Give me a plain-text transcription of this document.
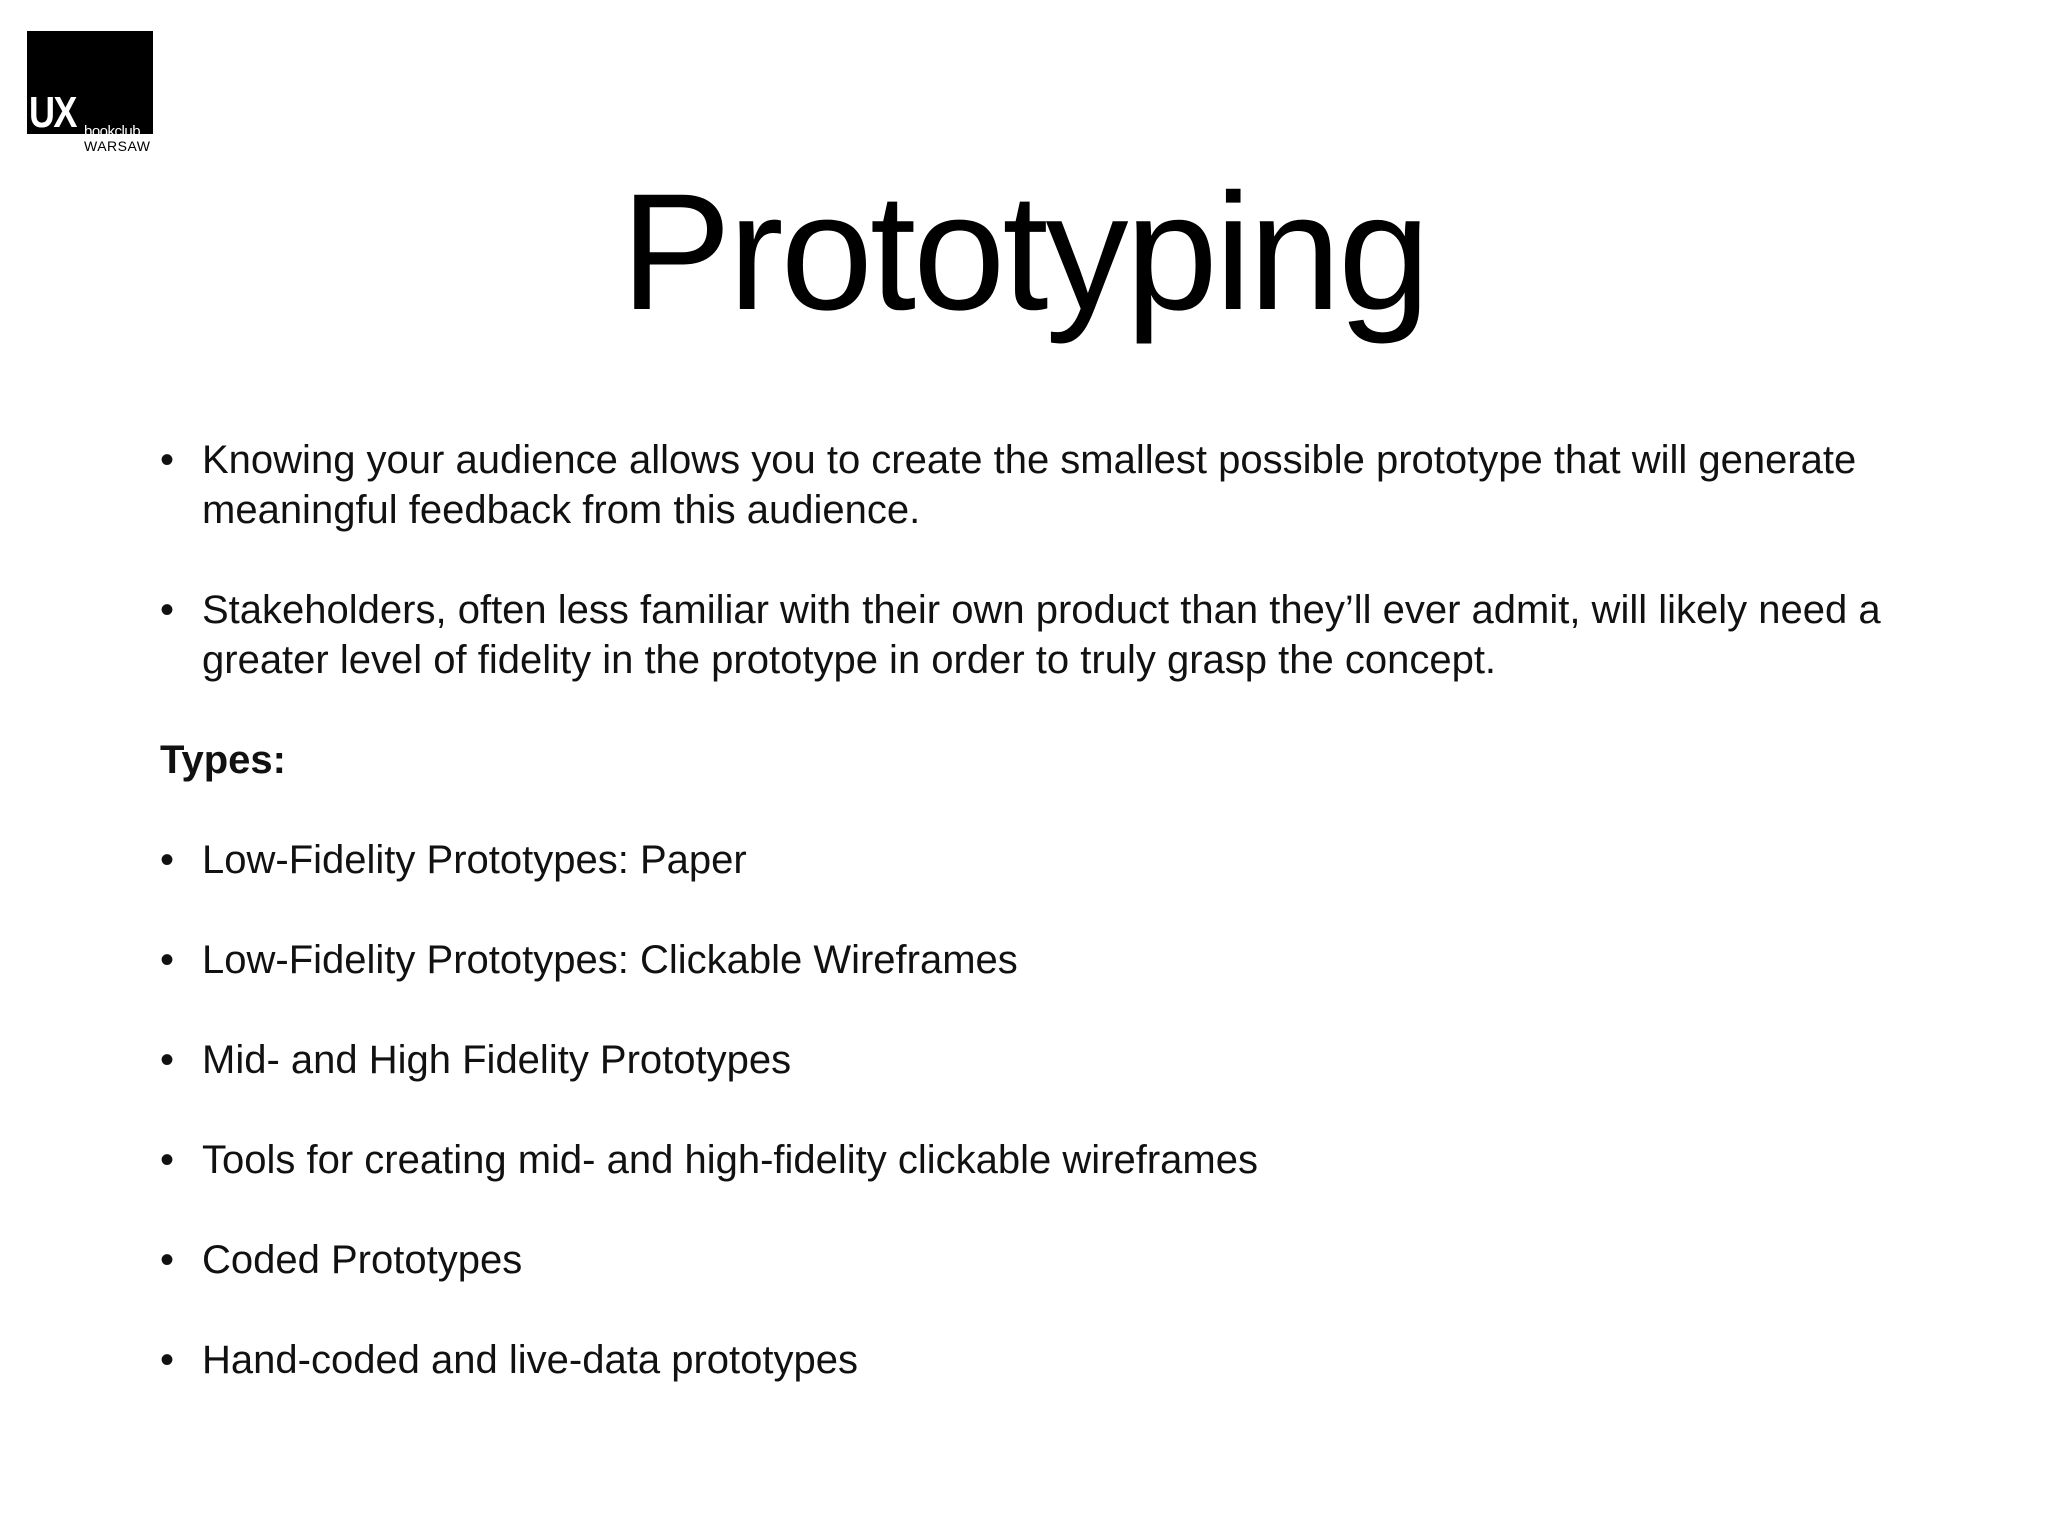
UX bookclub
WARSAW
Prototyping

• Knowing your audience allows you to create the smallest possible prototype that will generate meaningful feedback from this audience.

• Stakeholders, often less familiar with their own product than they’ll ever admit, will likely need a greater level of fidelity in the prototype in order to truly grasp the concept.

Types:

• Low-Fidelity Prototypes: Paper

• Low-Fidelity Prototypes: Clickable Wireframes

• Mid- and High Fidelity Prototypes

• Tools for creating mid- and high-fidelity clickable wireframes

• Coded Prototypes

• Hand-coded and live-data prototypes
